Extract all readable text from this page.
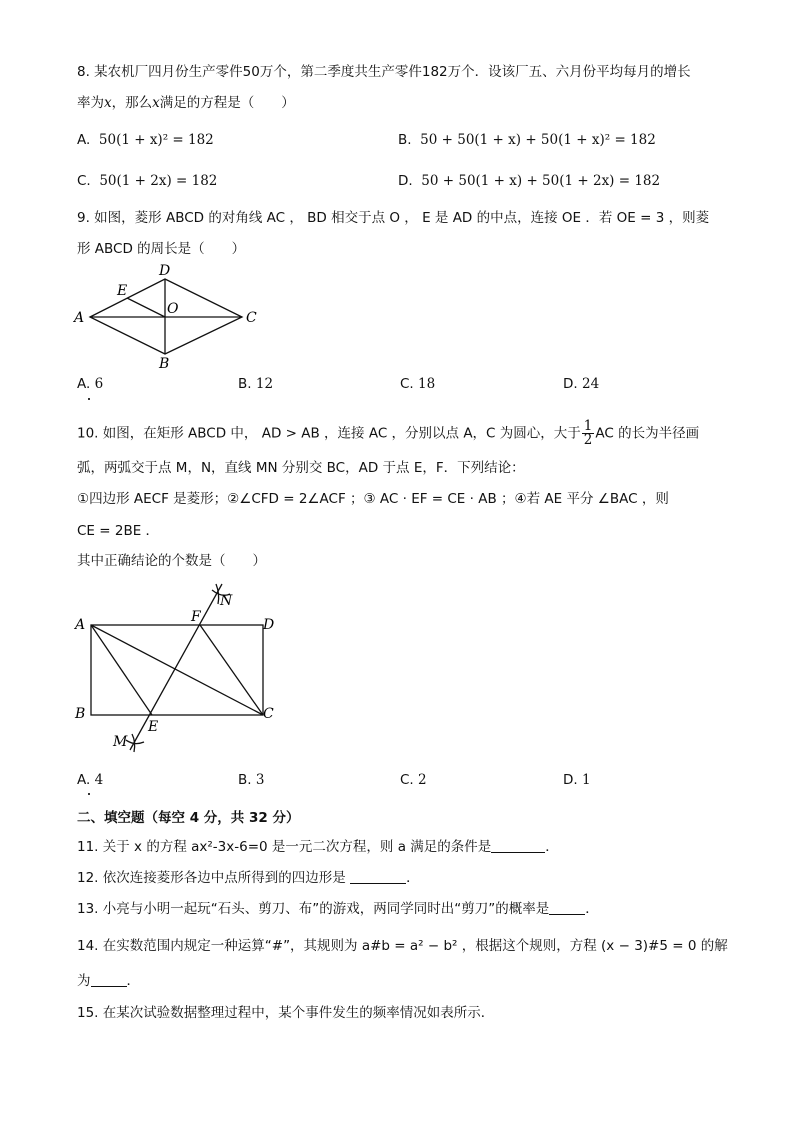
8. 某农机厂四月份生产零件50万个，第二季度共生产零件182万个．设该厂五、六月份平均每月的增长
率为x，那么x满足的方程是（　　）
A. 50(1 + x)² = 182	B. 50 + 50(1 + x) + 50(1 + x)² = 182
C. 50(1 + 2x) = 182	D. 50 + 50(1 + x) + 50(1 + 2x) = 182
9. 如图，菱形 ABCD 的对角线 AC ， BD 相交于点 O ， E 是 AD 的中点，连接 OE ．若 OE = 3 ，则菱
形 ABCD 的周长是（　　）
A
D
C
B
E
O
A. 6	B. 12	C. 18	D. 24
10. 如图，在矩形 ABCD 中， AD > AB ，连接 AC ，分别以点 A，C 为圆心，大于 $\frac{1}{2}$ AC 的长为半径画
弧，两弧交于点 M，N，直线 MN 分别交 BC，AD 于点 E，F．下列结论：
①四边形 AECF 是菱形；②∠CFD = 2∠ACF ；③ AC · EF = CE · AB ；④若 AE 平分 ∠BAC ，则
CE = 2BE ．
其中正确结论的个数是（　　）
A	F	D
N
B
E
C
M
A. 4	B. 3	C. 2	D. 1
二、填空题（每空 4 分，共 32 分）
11. 关于 x 的方程 ax²-3x-6=0 是一元二次方程，则 a 满足的条件是	．
12. 依次连接菱形各边中点所得到的四边形是	．
13. 小亮与小明一起玩“石头、剪刀、布”的游戏，两同学同时出“剪刀”的概率是	．
14. 在实数范围内规定一种运算“#”，其规则为 a#b = a² − b² ，根据这个规则，方程 (x − 3)#5 = 0 的解
为	．
15. 在某次试验数据整理过程中，某个事件发生的频率情况如表所示．
